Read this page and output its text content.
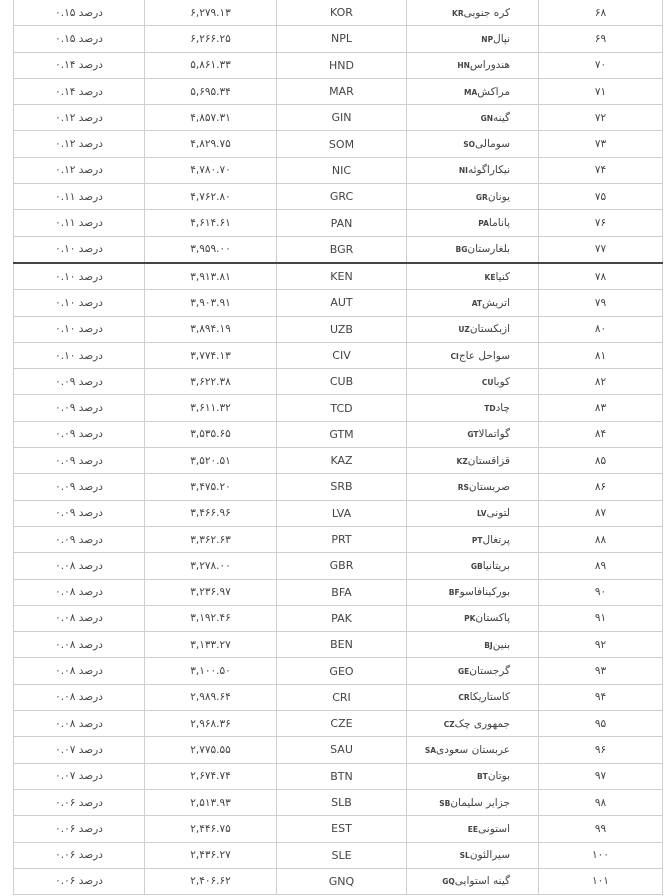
۰.۱۵ درصد	۶,۲۷۹.۱۳	KOR	کره جنوبیKR	۶۸
۰.۱۵ درصد	۶,۲۶۶.۲۵	NPL	نپالNP	۶۹
۰.۱۴ درصد	۵,۸۶۱.۳۳	HND	هندوراسHN	۷۰
۰.۱۴ درصد	۵,۶۹۵.۳۴	MAR	مراکشMA	۷۱
۰.۱۲ درصد	۴,۸۵۷.۳۱	GIN	گینهGN	۷۲
۰.۱۲ درصد	۴,۸۲۹.۷۵	SOM	سومالیSO	۷۳
۰.۱۲ درصد	۴,۷۸۰.۷۰	NIC	نیکاراگوئهNI	۷۴
۰.۱۱ درصد	۴,۷۶۲.۸۰	GRC	یونانGR	۷۵
۰.۱۱ درصد	۴,۶۱۴.۶۱	PAN	پاناماPA	۷۶
۰.۱۰ درصد	۳,۹۵۹.۰۰	BGR	بلغارستانBG	۷۷
۰.۱۰ درصد	۳,۹۱۳.۸۱	KEN	کنیاKE	۷۸
۰.۱۰ درصد	۳,۹۰۳.۹۱	AUT	اتریشAT	۷۹
۰.۱۰ درصد	۳,۸۹۴.۱۹	UZB	ازبکستانUZ	۸۰
۰.۱۰ درصد	۳,۷۷۴.۱۳	CIV	سواحل عاجCI	۸۱
۰.۰۹ درصد	۳,۶۲۲.۳۸	CUB	کوباCU	۸۲
۰.۰۹ درصد	۳,۶۱۱.۳۲	TCD	چادTD	۸۳
۰.۰۹ درصد	۳,۵۳۵.۶۵	GTM	گواتمالاGT	۸۴
۰.۰۹ درصد	۳,۵۲۰.۵۱	KAZ	قزاقستانKZ	۸۵
۰.۰۹ درصد	۳,۴۷۵.۲۰	SRB	صربستانRS	۸۶
۰.۰۹ درصد	۳,۴۶۶.۹۶	LVA	لتونیLV	۸۷
۰.۰۹ درصد	۳,۳۶۲.۶۳	PRT	پرتغالPT	۸۸
۰.۰۸ درصد	۳,۲۷۸.۰۰	GBR	بریتانیاGB	۸۹
۰.۰۸ درصد	۳,۲۳۶.۹۷	BFA	بورکینافاسوBF	۹۰
۰.۰۸ درصد	۳,۱۹۲.۴۶	PAK	پاکستانPK	۹۱
۰.۰۸ درصد	۳,۱۳۳.۲۷	BEN	بنینBJ	۹۲
۰.۰۸ درصد	۳,۱۰۰.۵۰	GEO	گرجستانGE	۹۳
۰.۰۸ درصد	۲,۹۸۹.۶۴	CRI	کاستاریکاCR	۹۴
۰.۰۸ درصد	۲,۹۶۸.۳۶	CZE	جمهوری چکCZ	۹۵
۰.۰۷ درصد	۲,۷۷۵.۵۵	SAU	عربستان سعودیSA	۹۶
۰.۰۷ درصد	۲,۶۷۴.۷۴	BTN	بوتانBT	۹۷
۰.۰۶ درصد	۲,۵۱۳.۹۳	SLB	جزایر سلیمانSB	۹۸
۰.۰۶ درصد	۲,۴۴۶.۷۵	EST	استونیEE	۹۹
۰.۰۶ درصد	۲,۴۳۶.۲۷	SLE	سیرالئونSL	۱۰۰
۰.۰۶ درصد	۲,۴۰۶.۶۲	GNQ	گینه استواییGQ	۱۰۱
